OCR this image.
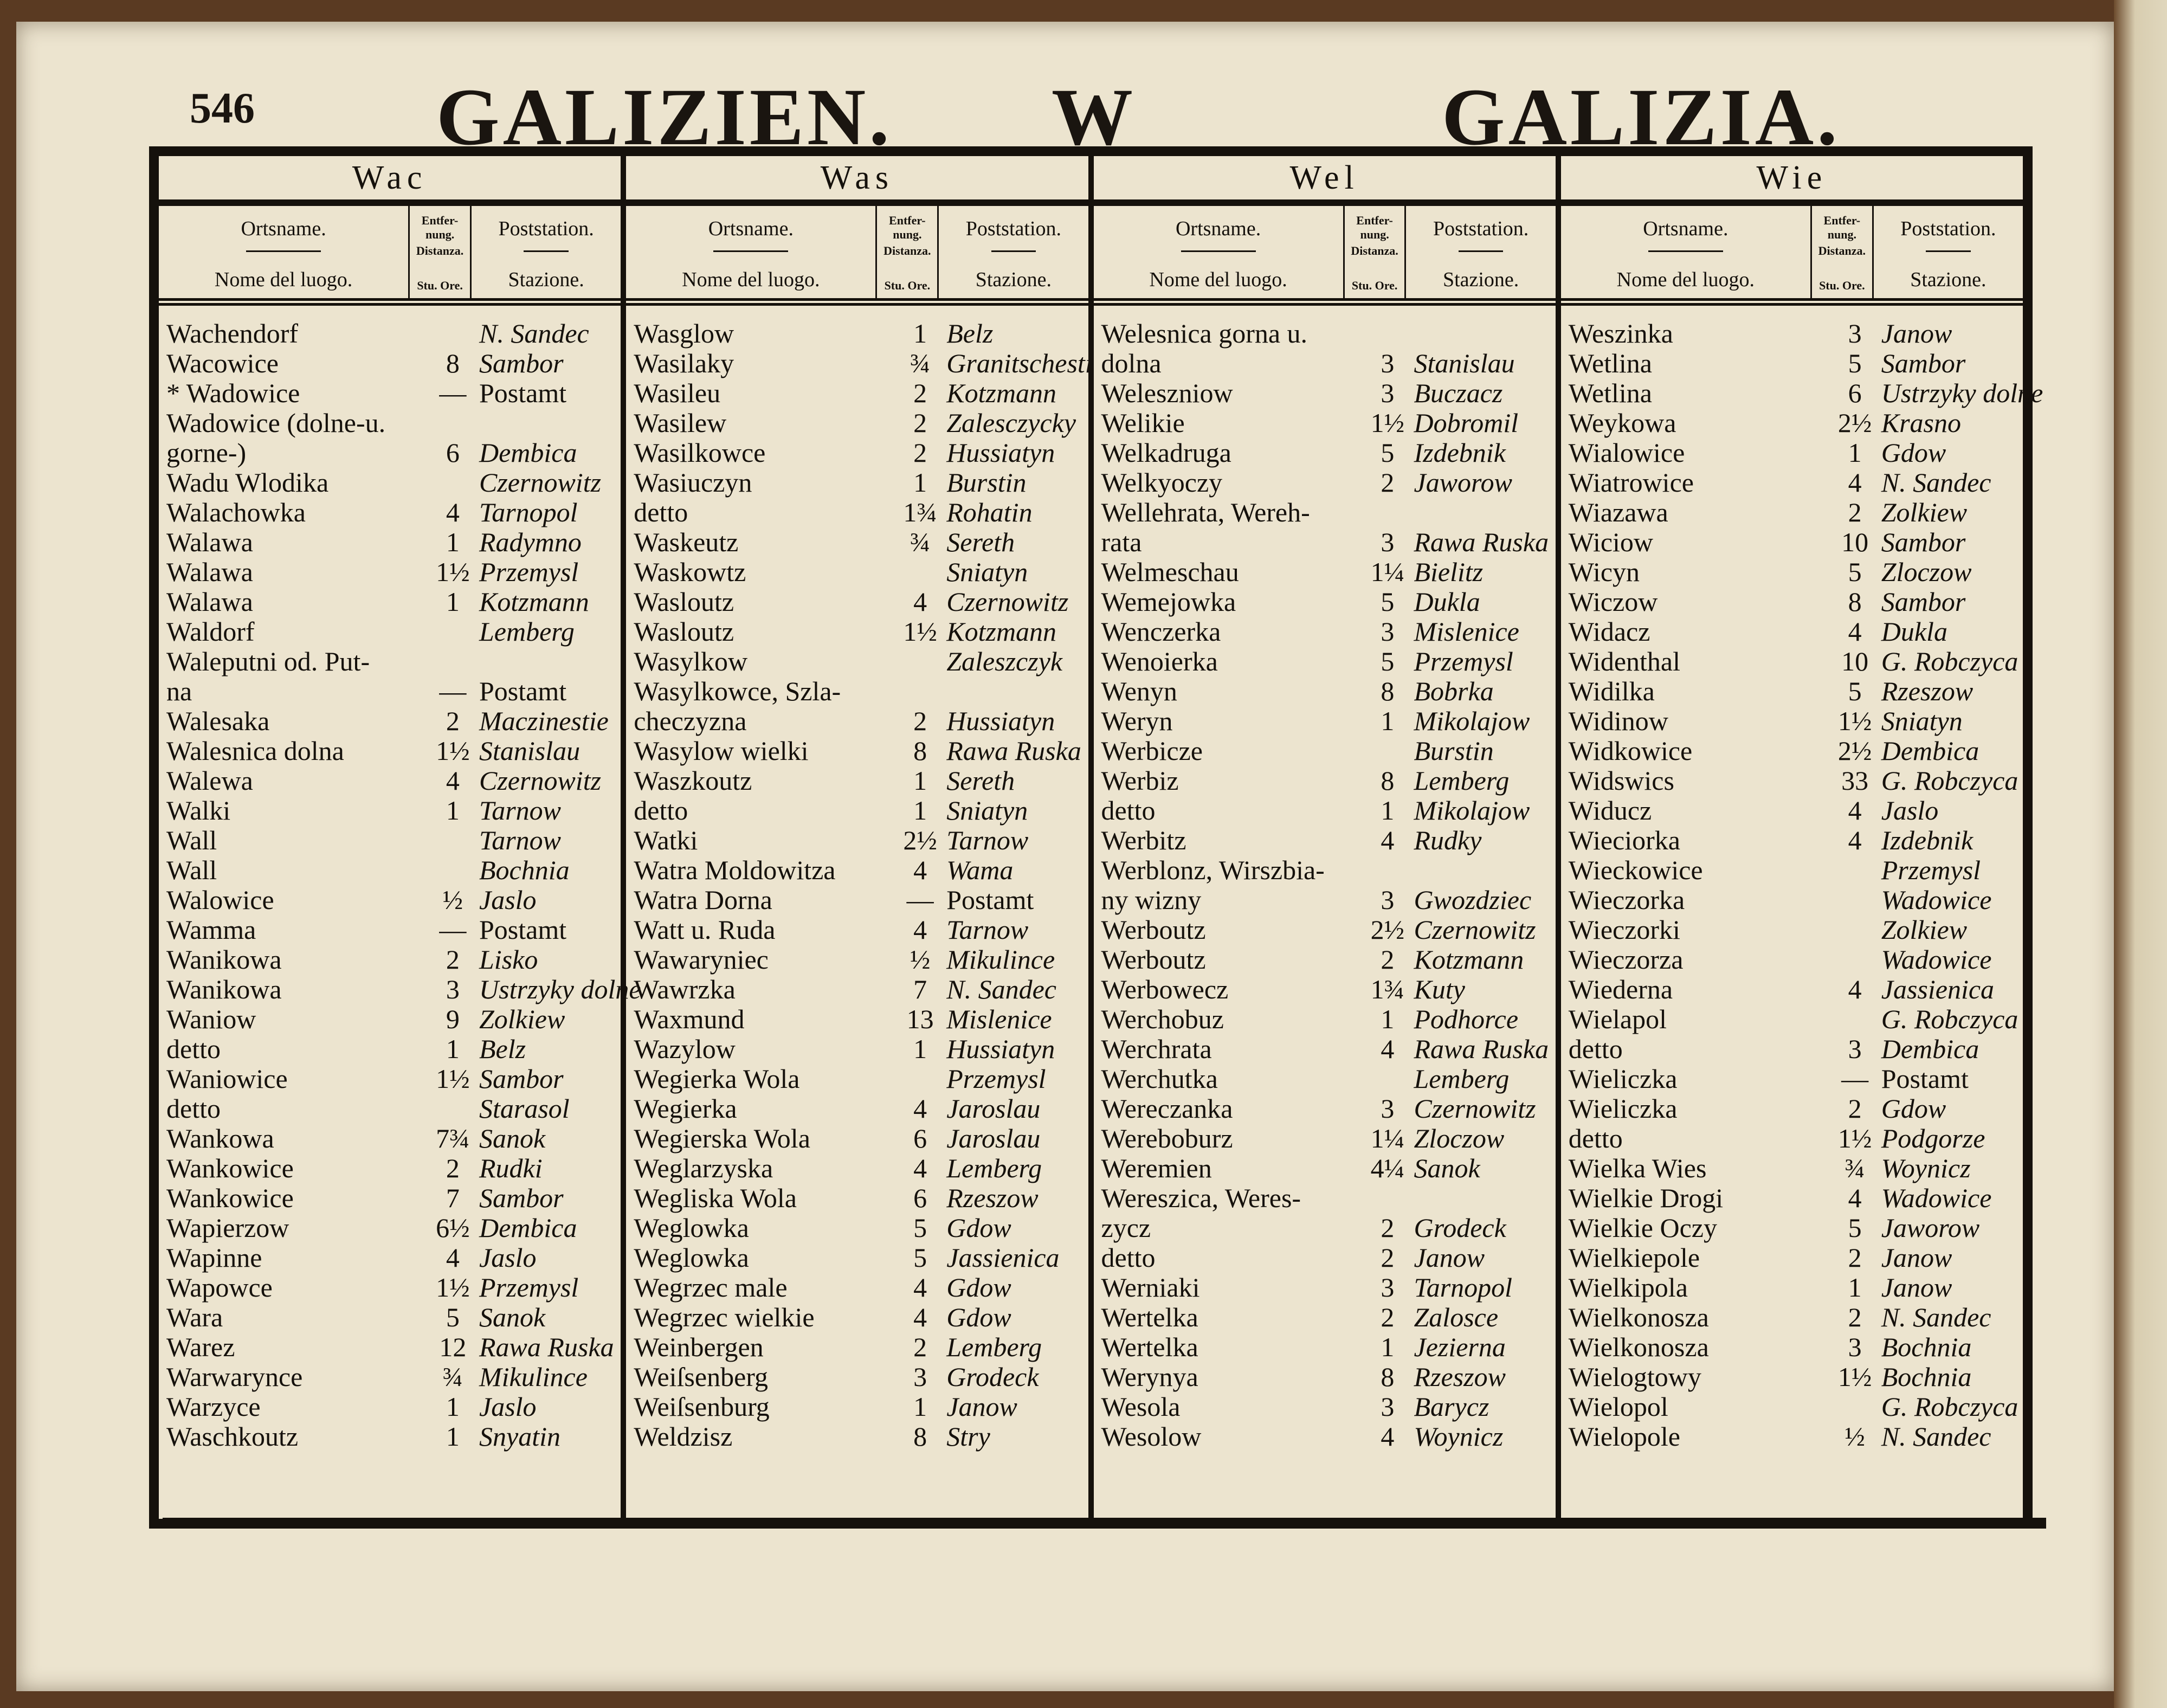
546 GALIZIEN. W	GALIZIA.
Wac
Ortsname.
Nome del luogo.
Entfer-nung.
Distanza.
Stu. Ore.
Poststation.
Stazione.
Wachendorf	N. Sandec
Wacowice	8 Sambor
* Wadowice	— Postamt
Wadowice (dolne-u.
gorne-)	6 Dembica
Wadu Wlodika	Czernowitz
Walachowka	4 Tarnopol
Walawa	1 Radymno
Walawa	1½ Przemysl
Walawa	1 Kotzmann
Waldorf	Lemberg
Waleputni od. Put-
na	— Postamt
Walesaka	2 Maczinestie
Walesnica dolna	1½ Stanislau
Walewa	4 Czernowitz
Walki	1 Tarnow
Wall	Tarnow
Wall	Bochnia
Walowice	½ Jaslo
Wamma	— Postamt
Wanikowa	2 Lisko
Wanikowa	3 Ustrzyky dolne
Waniow	9 Zolkiew
detto	1 Belz
Waniowice	1½ Sambor
detto	Starasol
Wankowa	7¾ Sanok
Wankowice	2 Rudki
Wankowice	7 Sambor
Wapierzow	6½ Dembica
Wapinne	4 Jaslo
Wapowce	1½ Przemysl
Wara	5 Sanok
Warez	12 Rawa Ruska
Warwarynce	¾ Mikulince
Warzyce	1 Jaslo
Waschkoutz	1 Snyatin
Was
Ortsname.
Nome del luogo.
Entfer-nung.
Distanza.
Stu. Ore.
Poststation.
Stazione.
Wasglow	1 Belz
Wasilaky	¾ Granitschesti
Wasileu	2 Kotzmann
Wasilew	2 Zalesczycky
Wasilkowce	2 Hussiatyn
Wasiuczyn	1 Burstin
detto	1¾ Rohatin
Waskeutz	¾ Sereth
Waskowtz	Sniatyn
Wasloutz	4 Czernowitz
Wasloutz	1½ Kotzmann
Wasylkow	Zaleszczyk
Wasylkowce, Szla-
checzyzna	2 Hussiatyn
Wasylow wielki	8 Rawa Ruska
Waszkoutz	1 Sereth
detto	1 Sniatyn
Watki	2½ Tarnow
Watra Moldowitza	4 Wama
Watra Dorna	— Postamt
Watt u. Ruda	4 Tarnow
Wawaryniec	½ Mikulince
Wawrzka	7 N. Sandec
Waxmund	13 Mislenice
Wazylow	1 Hussiatyn
Wegierka Wola	Przemysl
Wegierka	4 Jaroslau
Wegierska Wola	6 Jaroslau
Weglarzyska	4 Lemberg
Wegliska Wola	6 Rzeszow
Weglowka	5 Gdow
Weglowka	5 Jassienica
Wegrzec male	4 Gdow
Wegrzec wielkie	4 Gdow
Weinbergen	2 Lemberg
Weiſsenberg	3 Grodeck
Weiſsenburg	1 Janow
Weldzisz	8 Stry
Wel
Ortsname.
Nome del luogo.
Entfer-nung.
Distanza.
Stu. Ore.
Poststation.
Stazione.
Welesnica gorna u.
dolna	3 Stanislau
Weleszniow	3 Buczacz
Welikie	1½ Dobromil
Welkadruga	5 Izdebnik
Welkyoczy	2 Jaworow
Wellehrata, Wereh-
rata	3 Rawa Ruska
Welmeschau	1¼ Bielitz
Wemejowka	5 Dukla
Wenczerka	3 Mislenice
Wenoierka	5 Przemysl
Wenyn	8 Bobrka
Weryn	1 Mikolajow
Werbicze	Burstin
Werbiz	8 Lemberg
detto	1 Mikolajow
Werbitz	4 Rudky
Werblonz, Wirszbia-
ny wizny	3 Gwozdziec
Werboutz	2½ Czernowitz
Werboutz	2 Kotzmann
Werbowecz	1¾ Kuty
Werchobuz	1 Podhorce
Werchrata	4 Rawa Ruska
Werchutka	Lemberg
Wereczanka	3 Czernowitz
Wereboburz	1¼ Zloczow
Weremien	4¼ Sanok
Wereszica, Weres-
zycz	2 Grodeck
detto	2 Janow
Werniaki	3 Tarnopol
Wertelka	2 Zalosce
Wertelka	1 Jezierna
Werynya	8 Rzeszow
Wesola	3 Barycz
Wesolow	4 Woynicz
Wie
Ortsname.
Nome del luogo.
Entfer-nung.
Distanza.
Stu. Ore.
Poststation.
Stazione.
Weszinka	3 Janow
Wetlina	5 Sambor
Wetlina	6 Ustrzyky dolne
Weykowa	2½ Krasno
Wialowice	1 Gdow
Wiatrowice	4 N. Sandec
Wiazawa	2 Zolkiew
Wiciow	10 Sambor
Wicyn	5 Zloczow
Wiczow	8 Sambor
Widacz	4 Dukla
Widenthal	10 G. Robczyca
Widilka	5 Rzeszow
Widinow	1½ Sniatyn
Widkowice	2½ Dembica
Widswics	33 G. Robczyca
Widucz	4 Jaslo
Wieciorka	4 Izdebnik
Wieckowice	Przemysl
Wieczorka	Wadowice
Wieczorki	Zolkiew
Wieczorza	Wadowice
Wiederna	4 Jassienica
Wielapol	G. Robczyca
detto	3 Dembica
Wieliczka	— Postamt
Wieliczka	2 Gdow
detto	1½ Podgorze
Wielka Wies	¾ Woynicz
Wielkie Drogi	4 Wadowice
Wielkie Oczy	5 Jaworow
Wielkiepole	2 Janow
Wielkipola	1 Janow
Wielkonosza	2 N. Sandec
Wielkonosza	3 Bochnia
Wielogtowy	1½ Bochnia
Wielopol	G. Robczyca
Wielopole	½ N. Sandec
